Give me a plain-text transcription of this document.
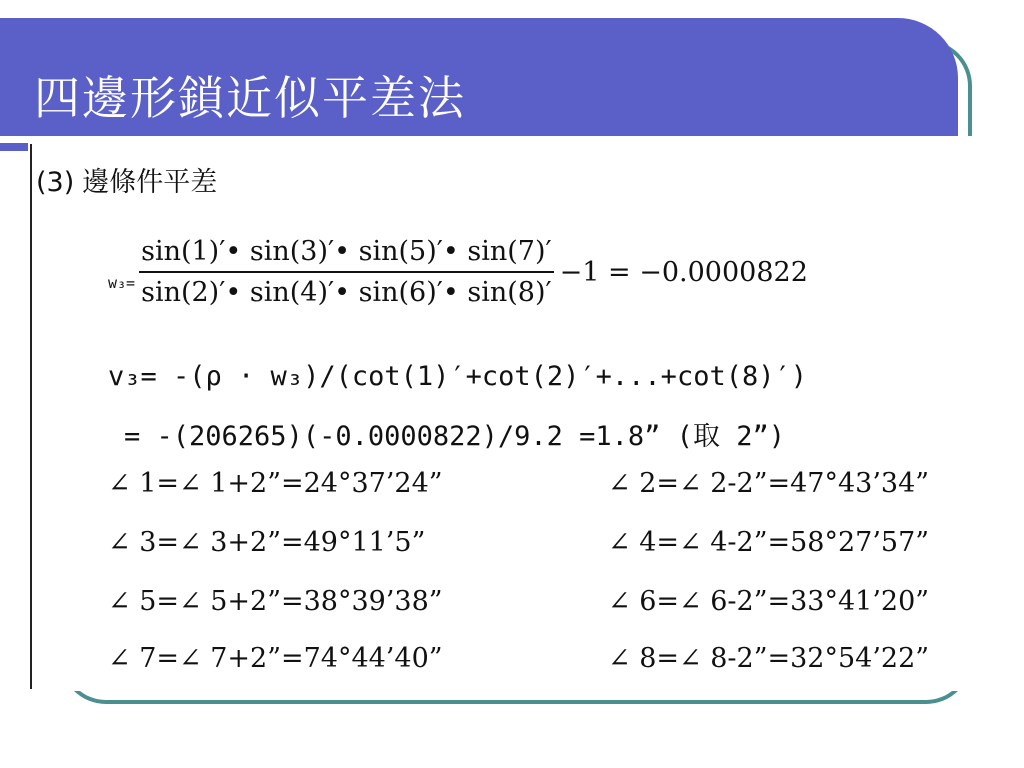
四邊形鎖近似平差法
(3) 邊條件平差
$w_3= \frac{\sin(1)'• \sin(3)'• \sin(5)'• \sin(7)'}{\sin(2)'• \sin(4)'• \sin(6)'• \sin(8)'} -1 = -0.0000822$
v₃= -(ρ · w₃)/(cot(1)′+cot(2)′+...+cot(8)′)
= -(206265)(-0.0000822)/9.2 =1.8” (取 2”)
∠ 1=∠ 1+2”=24°37’24”	∠ 2=∠ 2-2”=47°43’34”
∠ 3=∠ 3+2”=49°11’5”	∠ 4=∠ 4-2”=58°27’57”
∠ 5=∠ 5+2”=38°39’38”	∠ 6=∠ 6-2”=33°41’20”
∠ 7=∠ 7+2”=74°44’40”	∠ 8=∠ 8-2”=32°54’22”
